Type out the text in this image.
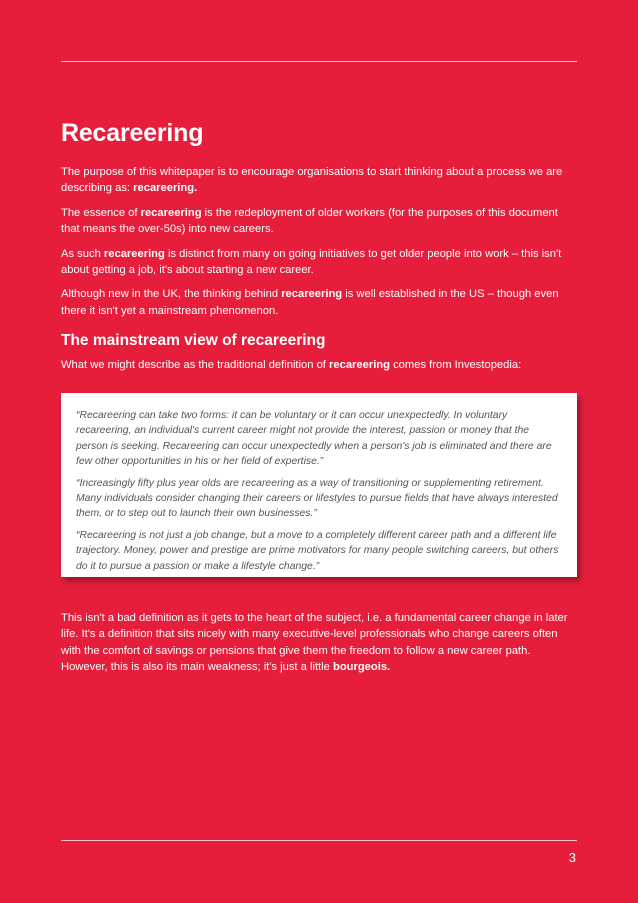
Recareering

The purpose of this whitepaper is to encourage organisations to start thinking about a process we are describing as: recareering.

The essence of recareering is the redeployment of older workers (for the purposes of this document that means the over-50s) into new careers.

As such recareering is distinct from many on going initiatives to get older people into work – this isn't about getting a job, it's about starting a new career.

Although new in the UK, the thinking behind recareering is well established in the US – though even there it isn't yet a mainstream phenomenon.

The mainstream view of recareering

What we might describe as the traditional definition of recareering comes from Investopedia:

“Recareering can take two forms: it can be voluntary or it can occur unexpectedly. In voluntary recareering, an individual's current career might not provide the interest, passion or money that the person is seeking. Recareering can occur unexpectedly when a person's job is eliminated and there are few other opportunities in his or her field of expertise.”

“Increasingly fifty plus year olds are recareering as a way of transitioning or supplementing retirement. Many individuals consider changing their careers or lifestyles to pursue fields that have always interested them, or to step out to launch their own businesses.”

“Recareering is not just a job change, but a move to a completely different career path and a different life trajectory. Money, power and prestige are prime motivators for many people switching careers, but others do it to pursue a passion or make a lifestyle change.”

This isn't a bad definition as it gets to the heart of the subject, i.e. a fundamental career change in later life. It's a definition that sits nicely with many executive-level professionals who change careers often with the comfort of savings or pensions that give them the freedom to follow a new career path. However, this is also its main weakness; it's just a little bourgeois.

3
